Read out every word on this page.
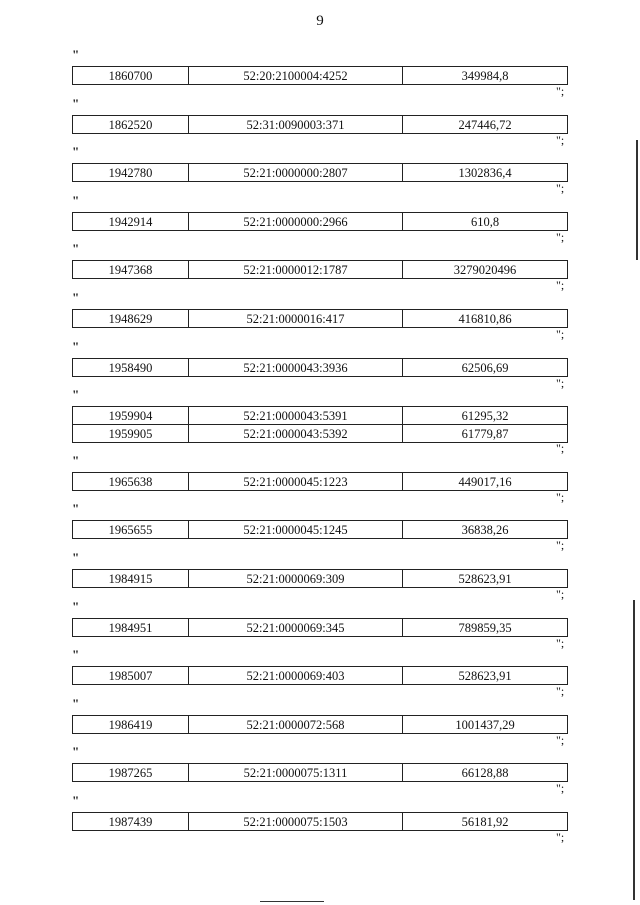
9
"
1860700	52:20:2100004:4252	349984,8
";
"
1862520	52:31:0090003:371	247446,72
";
"
1942780	52:21:0000000:2807	1302836,4
";
"
1942914	52:21:0000000:2966	610,8
";
"
1947368	52:21:0000012:1787	3279020496
";
"
1948629	52:21:0000016:417	416810,86
";
"
1958490	52:21:0000043:3936	62506,69
";
"
1959904	52:21:0000043:5391	61295,32
1959905	52:21:0000043:5392	61779,87
";
"
1965638	52:21:0000045:1223	449017,16
";
"
1965655	52:21:0000045:1245	36838,26
";
"
1984915	52:21:0000069:309	528623,91
";
"
1984951	52:21:0000069:345	789859,35
";
"
1985007	52:21:0000069:403	528623,91
";
"
1986419	52:21:0000072:568	1001437,29
";
"
1987265	52:21:0000075:1311	66128,88
";
"
1987439	52:21:0000075:1503	56181,92
";
